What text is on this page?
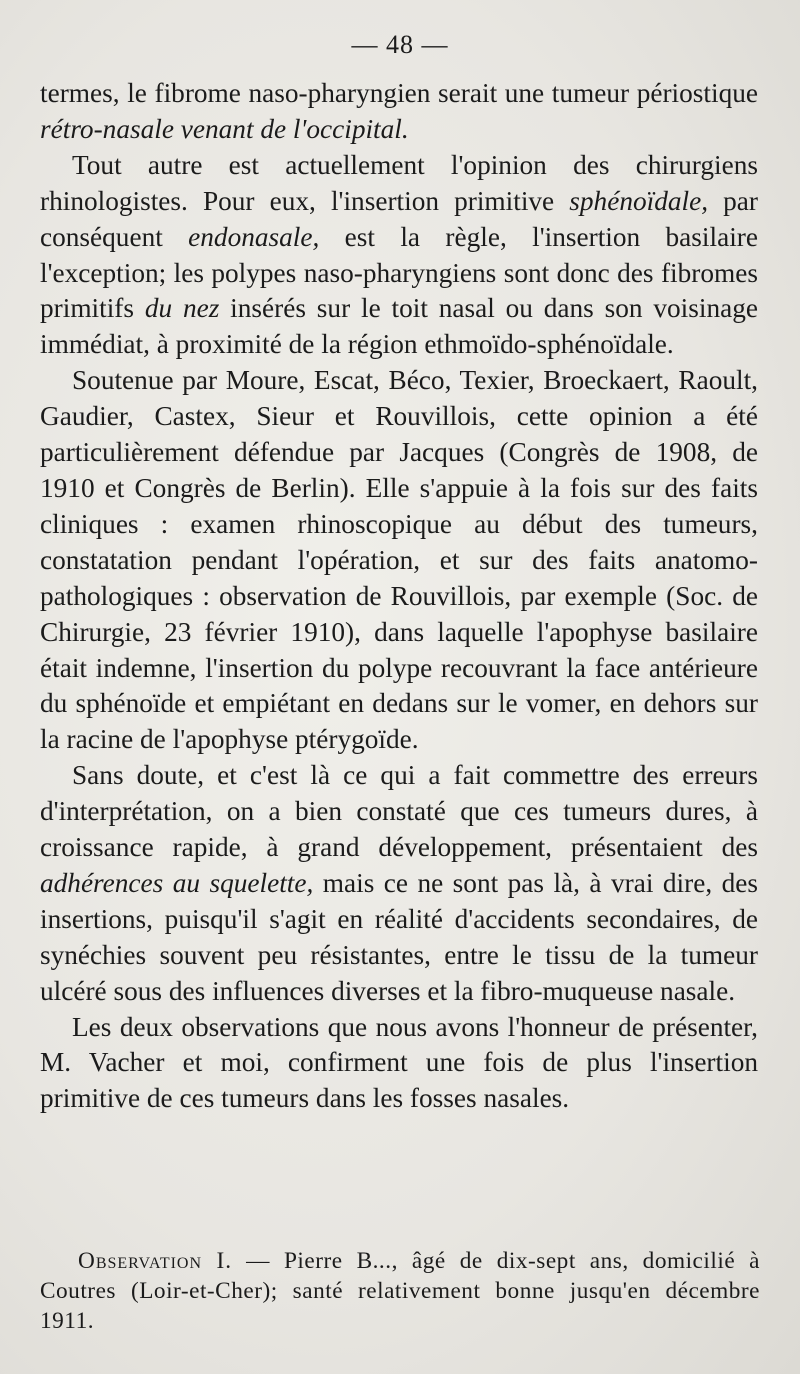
— 48 —

termes, le fibrome naso-pharyngien serait une tumeur périostique rétro-nasale venant de l'occipital.

Tout autre est actuellement l'opinion des chirurgiens rhinologistes. Pour eux, l'insertion primitive sphénoïdale, par conséquent endonasale, est la règle, l'insertion basilaire l'exception; les polypes naso-pharyngiens sont donc des fibromes primitifs du nez insérés sur le toit nasal ou dans son voisinage immédiat, à proximité de la région ethmoïdo-sphénoïdale.

Soutenue par Moure, Escat, Béco, Texier, Broeckaert, Raoult, Gaudier, Castex, Sieur et Rouvillois, cette opinion a été particulièrement défendue par Jacques (Congrès de 1908, de 1910 et Congrès de Berlin). Elle s'appuie à la fois sur des faits cliniques : examen rhinoscopique au début des tumeurs, constatation pendant l'opération, et sur des faits anatomo-pathologiques : observation de Rouvillois, par exemple (Soc. de Chirurgie, 23 février 1910), dans laquelle l'apophyse basilaire était indemne, l'insertion du polype recouvrant la face antérieure du sphénoïde et empiétant en dedans sur le vomer, en dehors sur la racine de l'apophyse ptérygoïde.

Sans doute, et c'est là ce qui a fait commettre des erreurs d'interprétation, on a bien constaté que ces tumeurs dures, à croissance rapide, à grand développement, présentaient des adhérences au squelette, mais ce ne sont pas là, à vrai dire, des insertions, puisqu'il s'agit en réalité d'accidents secondaires, de synéchies souvent peu résistantes, entre le tissu de la tumeur ulcéré sous des influences diverses et la fibro-muqueuse nasale.

Les deux observations que nous avons l'honneur de présenter, M. Vacher et moi, confirment une fois de plus l'insertion primitive de ces tumeurs dans les fosses nasales.

Observation I. — Pierre B..., âgé de dix-sept ans, domicilié à Coutres (Loir-et-Cher); santé relativement bonne jusqu'en décembre 1911.
